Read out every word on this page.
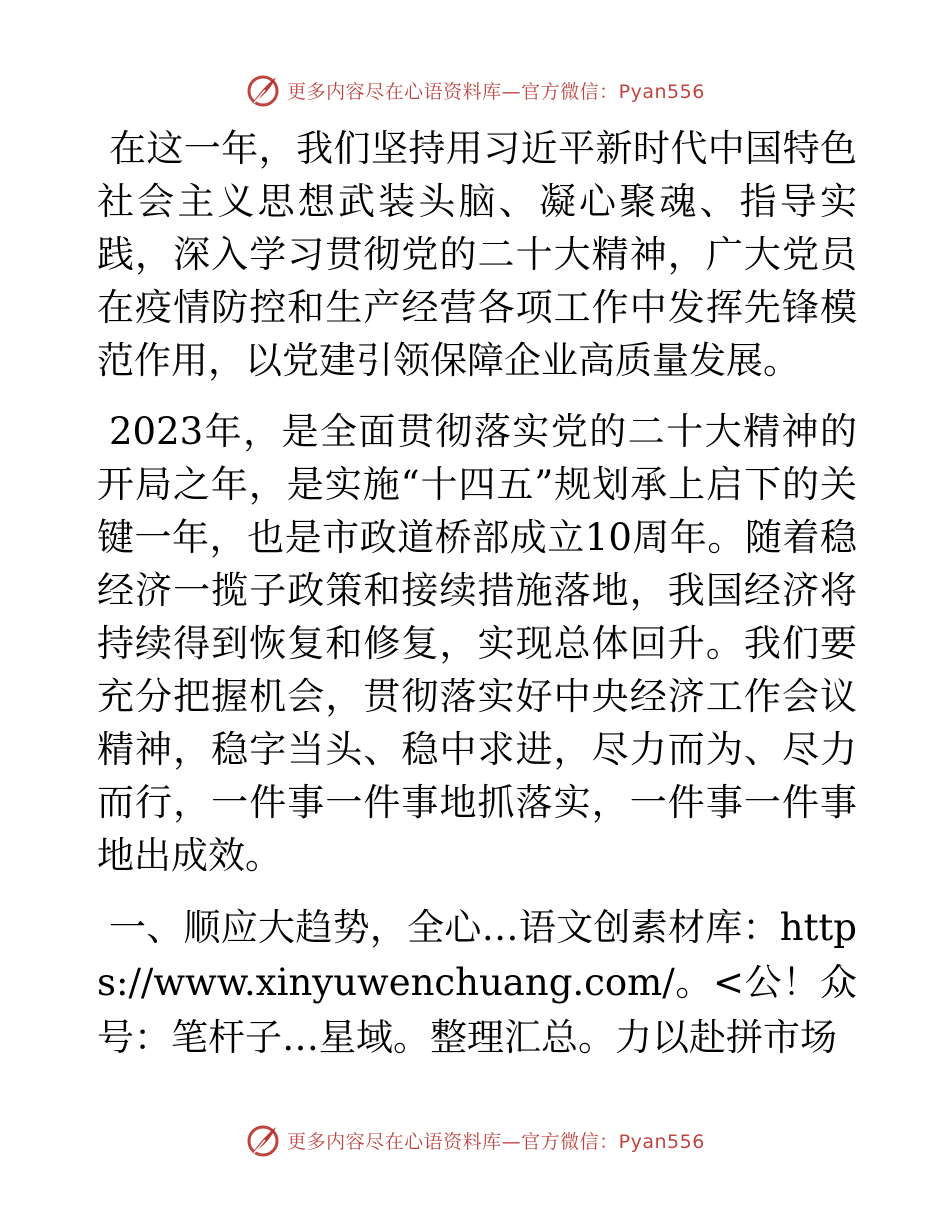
更多内容尽在心语资料库—官方微信：Pyan556

在这一年，我们坚持用习近平新时代中国特色社会主义思想武装头脑、凝心聚魂、指导实践，深入学习贯彻党的二十大精神，广大党员在疫情防控和生产经营各项工作中发挥先锋模范作用，以党建引领保障企业高质量发展。

2023年，是全面贯彻落实党的二十大精神的开局之年，是实施“十四五”规划承上启下的关键一年，也是市政道桥部成立10周年。随着稳经济一揽子政策和接续措施落地，我国经济将持续得到恢复和修复，实现总体回升。我们要充分把握机会，贯彻落实好中央经济工作会议精神，稳字当头、稳中求进，尽力而为、尽力而行，一件事一件事地抓落实，一件事一件事地出成效。

一、顺应大趋势，全心…语文创素材库：https://www.xinyuwenchuang.com/。<公！众号：笔杆子…星域。整理汇总。力以赴拼市场

更多内容尽在心语资料库—官方微信：Pyan556
